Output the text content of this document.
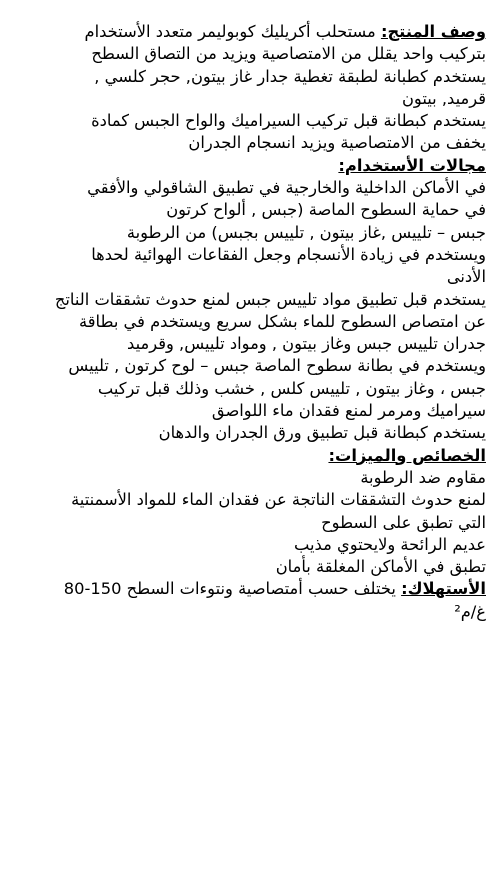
وصف المنتج: مستحلب أكريليك كوبوليمر متعدد الأستخدام
بتركيب واحد يقلل من الامتصاصية ويزيد من التصاق السطح
يستخدم كطبانة لطبقة تغطية جدار غاز بيتون, حجر كلسي ,
قرميد, بيتون
يستخدم كبطانة قبل تركيب السيراميك والواح الجبس كمادة
يخفف من الامتصاصية ويزيد انسجام الجدران
مجالات الأستخدام:
في الأماكن الداخلية والخارجية في تطبيق الشاقولي والأفقي
في حماية السطوح الماصة (جبس , ألواح كرتون
جبس – تلييس ,غاز بيتون , تلييس بجبس) من الرطوبة
ويستخدم في زيادة الأنسجام وجعل الفقاعات الهوائية لحدها
الأدنى
يستخدم قبل تطبيق مواد تلييس جبس لمنع حدوث تشققات الناتج
عن امتصاص السطوح للماء بشكل سريع ويستخدم في بطاقة
جدران تلييس جبس وغاز بيتون , ومواد تلييس, وقرميد
ويستخدم في بطانة سطوح الماصة جبس – لوح كرتون , تلييس
جبس ، وغاز بيتون , تلييس كلس , خشب وذلك قبل تركيب
سيراميك ومرمر لمنع فقدان ماء اللواصق
يستخدم كبطانة قبل تطبيق ورق الجدران والدهان
الخصائص والميزات:
مقاوم ضد الرطوبة
لمنع حدوث التشققات الناتجة عن فقدان الماء للمواد الأسمنتية
التي تطبق على السطوح
عديم الرائحة ولايحتوي مذيب
تطبق في الأماكن المغلقة بأمان
الأستهلاك: يختلف حسب أمتصاصية ونتوءات السطح 80-150
غ/م²
